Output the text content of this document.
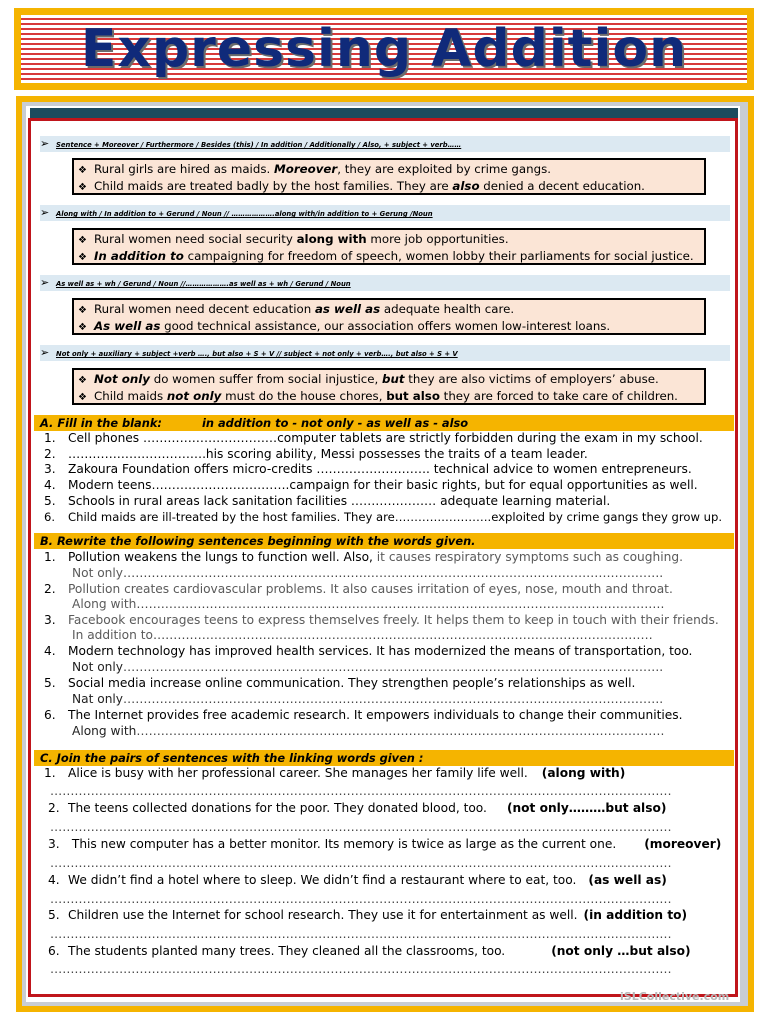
Expressing Addition
➢ Sentence + Moreover / Furthermore / Besides (this) / In addition / Additionally / Also, + subject + verb……
❖ Rural girls are hired as maids. Moreover, they are exploited by crime gangs.
❖ Child maids are treated badly by the host families. They are also denied a decent education.
➢ Along with / In addition to + Gerund / Noun // ……………….along with/in addition to + Gerung /Noun
❖ Rural women need social security along with more job opportunities.
❖ In addition to campaigning for freedom of speech, women lobby their parliaments for social justice.
➢ As well as + wh / Gerund / Noun //……………….as well as + wh / Gerund / Noun
❖ Rural women need decent education as well as adequate health care.
❖ As well as good technical assistance, our association offers women low-interest loans.
➢ Not only + auxiliary + subject +verb …., but also + S + V // subject + not only + verb…., but also + S + V
❖ Not only do women suffer from social injustice, but they are also victims of employers’ abuse.
❖ Child maids not only must do the house chores, but also they are forced to take care of children.
A. Fill in the blank:	in addition to - not only - as well as - also
1. Cell phones ……………………………computer tablets are strictly forbidden during the exam in my school.
2. …………………………….his scoring ability, Messi possesses the traits of a team leader.
3. Zakoura Foundation offers micro-credits ………………………. technical advice to women entrepreneurs.
4. Modern teens…………………………….campaign for their basic rights, but for equal opportunities as well.
5. Schools in rural areas lack sanitation facilities ………………… adequate learning material.
6. Child maids are ill-treated by the host families. They are…………………….exploited by crime gangs they grow up.
B. Rewrite the following sentences beginning with the words given.
1. Pollution weakens the lungs to function well. Also, it causes respiratory symptoms such as coughing.
Not only…………………………………………………………………………………………………………………….
2. Pollution creates cardiovascular problems. It also causes irritation of eyes, nose, mouth and throat.
Along with………………………………………………………………………………………………………………….
3. Facebook encourages teens to express themselves freely. It helps them to keep in touch with their friends.
In addition to……………………………………………………………………………………………………………
4. Modern technology has improved health services. It has modernized the means of transportation, too.
Not only…………………………………………………………………………………………………………………….
5. Social media increase online communication. They strengthen people’s relationships as well.
Nat only…………………………………………………………………………………………………………………….
6. The Internet provides free academic research. It empowers individuals to change their communities.
Along with………………………………………………………………………………………………………………….
C. Join the pairs of sentences with the linking words given :
1. Alice is busy with her professional career. She manages her family life well. (along with)
………………………………………………………………………………………………………………………………………
2. The teens collected donations for the poor. They donated blood, too. (not only………but also)
………………………………………………………………………………………………………………………………………
3. This new computer has a better monitor. Its memory is twice as large as the current one. (moreover)
………………………………………………………………………………………………………………………………………
4. We didn’t find a hotel where to sleep. We didn’t find a restaurant where to eat, too. (as well as)
………………………………………………………………………………………………………………………………………
5. Children use the Internet for school research. They use it for entertainment as well. (in addition to)
………………………………………………………………………………………………………………………………………
6. The students planted many trees. They cleaned all the classrooms, too.	(not only …but also)
………………………………………………………………………………………………………………………………………
iSLCollective.com
